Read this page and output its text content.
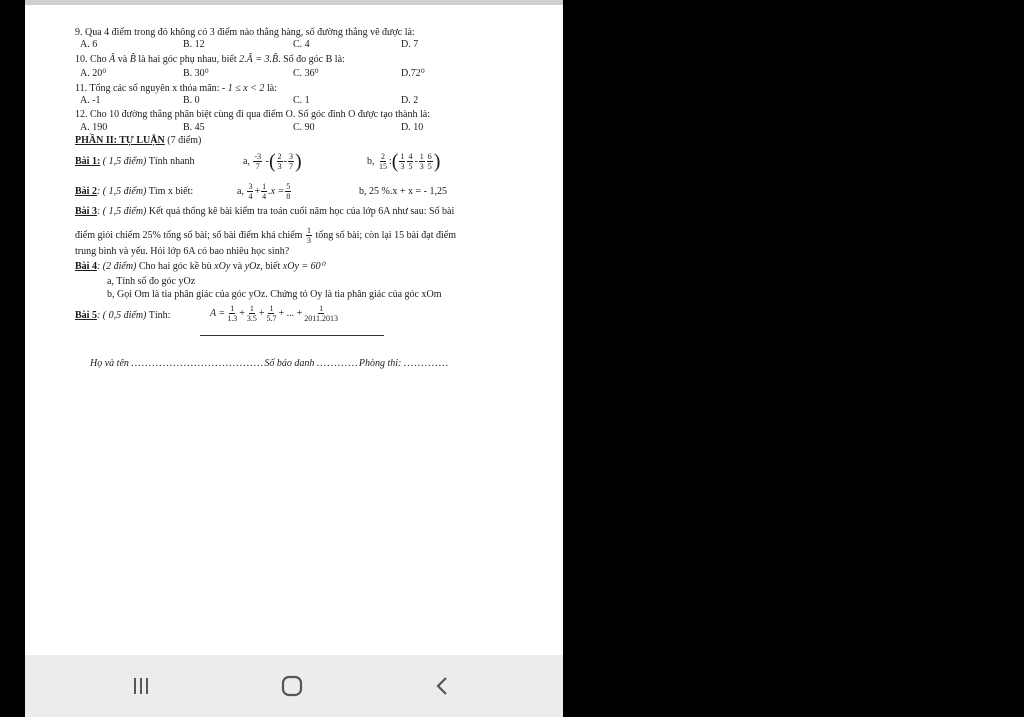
9. Qua 4 điểm trong đó không có 3 điểm nào thẳng hàng, số đường thẳng vẽ được là:
A. 6	B. 12	C. 4	D. 7
10. Cho Â và B̂ là hai góc phụ nhau, biết 2.Â = 3.B̂. Số đo góc B là:
A. 20⁰	B. 30⁰	C. 36⁰	D.72⁰
11. Tổng các số nguyên x thỏa mãn: - 1 ≤ x < 2 là:
A. -1	B. 0	C. 1	D. 2
12. Cho 10 đường thẳng phân biệt cùng đi qua điểm O. Số góc đỉnh O được tạo thành là:
A. 190	B. 45	C. 90	D. 10
PHẦN II: TỰ LUẬN (7 điểm)
Bài 1: ( 1,5 điểm) Tính nhanh	a, $\frac{-3}{7}$ -( $\frac{2}{3} - \frac{3}{7}$ )	b, $\frac{2}{15}$ :( $\frac{1}{3} \frac{4}{5} - \frac{1}{3} \frac{6}{5}$ )
Bài 2: ( 1,5 điểm) Tìm x biết:	a, $\frac{3}{4} + \frac{1}{4} .x = \frac{5}{8}$	b, 25 %.x + x = - 1,25
Bài 3: ( 1,5 điểm) Kết quả thống kê bài kiểm tra toán cuối năm học của lớp 6A như sau: Số bài
điểm giỏi chiếm 25% tổng số bài; số bài điểm khá chiếm $\frac{1}{3}$ tổng số bài; còn lại 15 bài đạt điểm
trung bình và yếu. Hỏi lớp 6A có bao nhiêu học sinh?
Bài 4: (2 điểm) Cho hai góc kề bù xOy và yOz, biết xOy = 60⁰
a, Tính số đo góc yOz
b, Gọi Om là tia phân giác của góc yOz. Chứng tỏ Oy là tia phân giác của góc xOm
Bài 5: ( 0,5 điểm) Tính:	$A = \frac{1}{1.3} + \frac{1}{3.5} + \frac{1}{5.7}$ + ... + $\frac{1}{2011.2013}$
Họ và tên ......................................Số báo danh ............Phòng thi: .............
